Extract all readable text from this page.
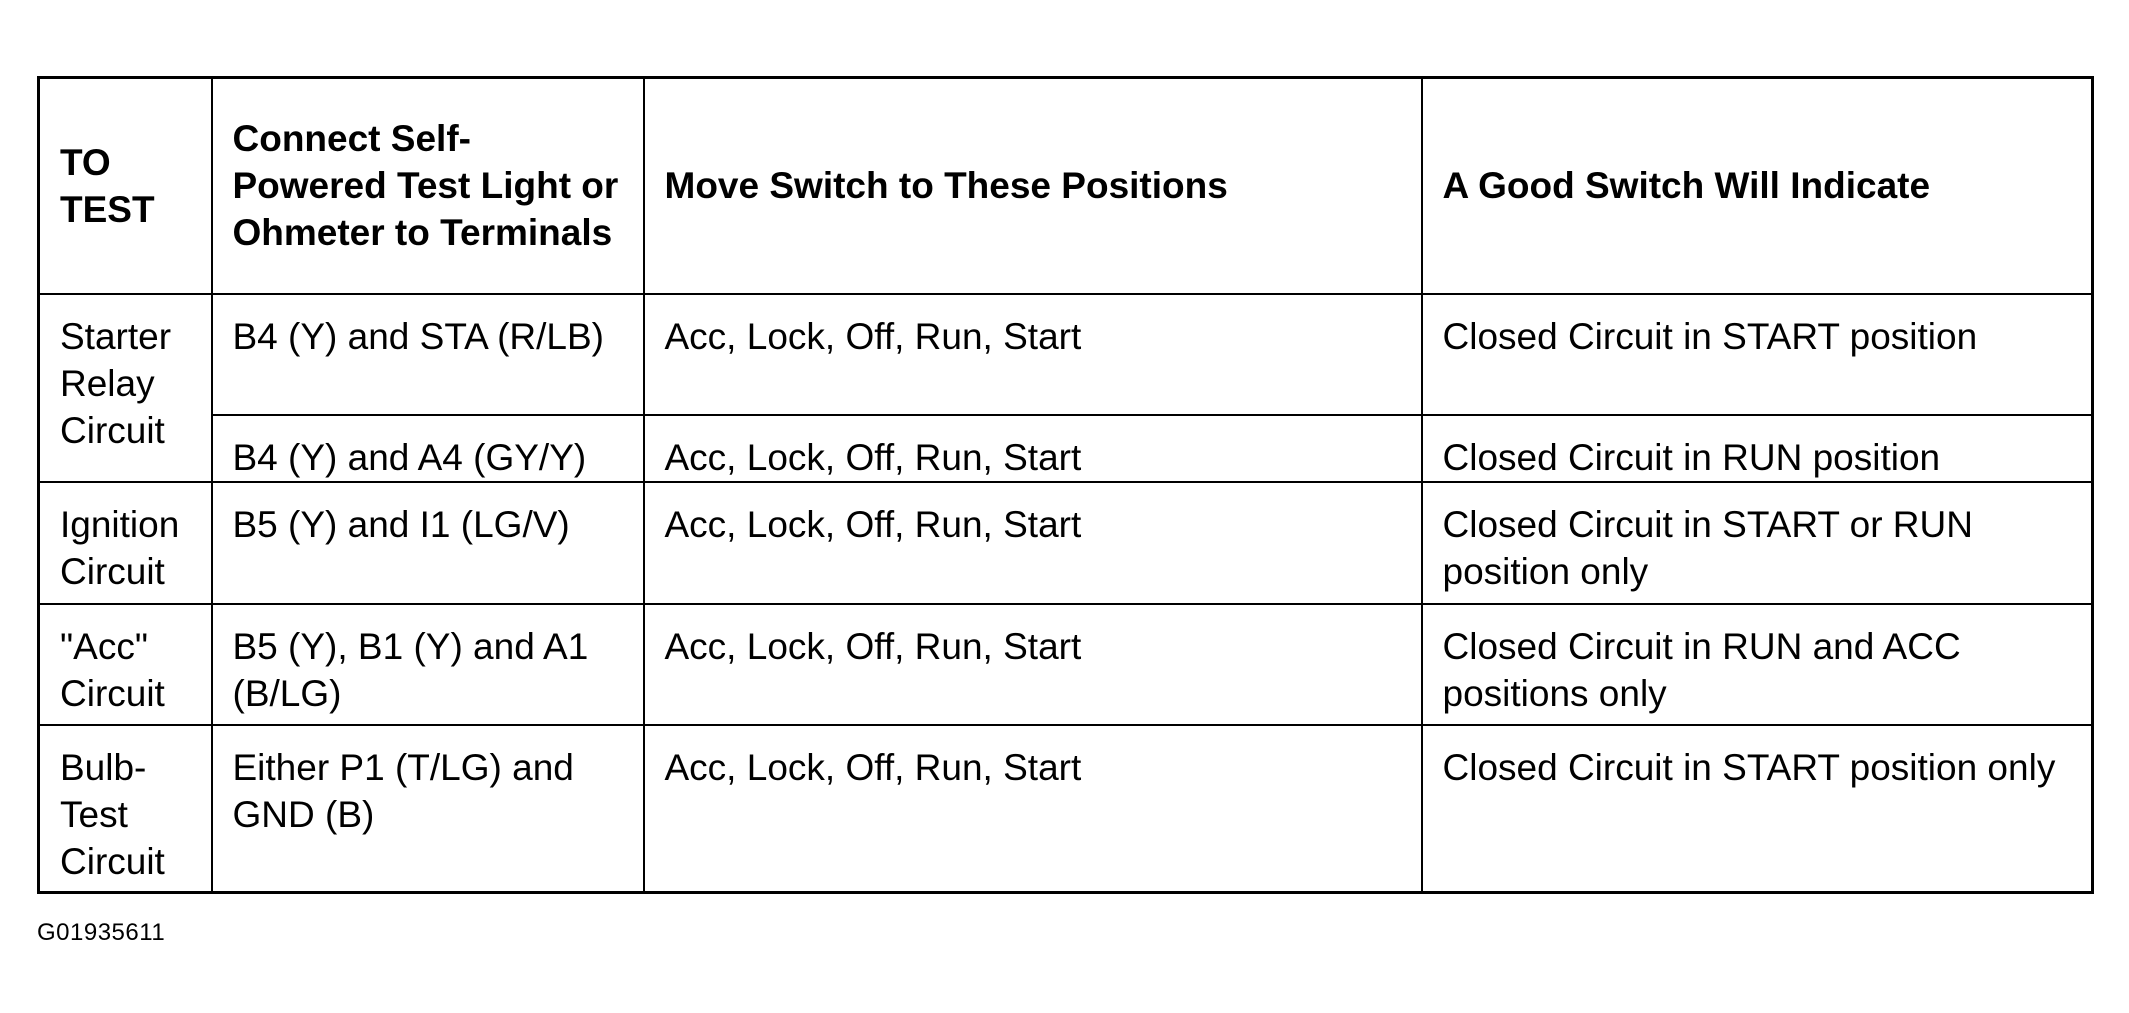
TO TEST	Connect Self-Powered Test Light or Ohmeter to Terminals	Move Switch to These Positions	A Good Switch Will Indicate
Starter Relay Circuit	B4 (Y) and STA (R/LB)	Acc, Lock, Off, Run, Start	Closed Circuit in START position
	B4 (Y) and A4 (GY/Y)	Acc, Lock, Off, Run, Start	Closed Circuit in RUN position
Ignition Circuit	B5 (Y) and I1 (LG/V)	Acc, Lock, Off, Run, Start	Closed Circuit in START or RUN position only
"Acc" Circuit	B5 (Y), B1 (Y) and A1 (B/LG)	Acc, Lock, Off, Run, Start	Closed Circuit in RUN and ACC positions only
Bulb-Test Circuit	Either P1 (T/LG) and GND (B)	Acc, Lock, Off, Run, Start	Closed Circuit in START position only
G01935611
